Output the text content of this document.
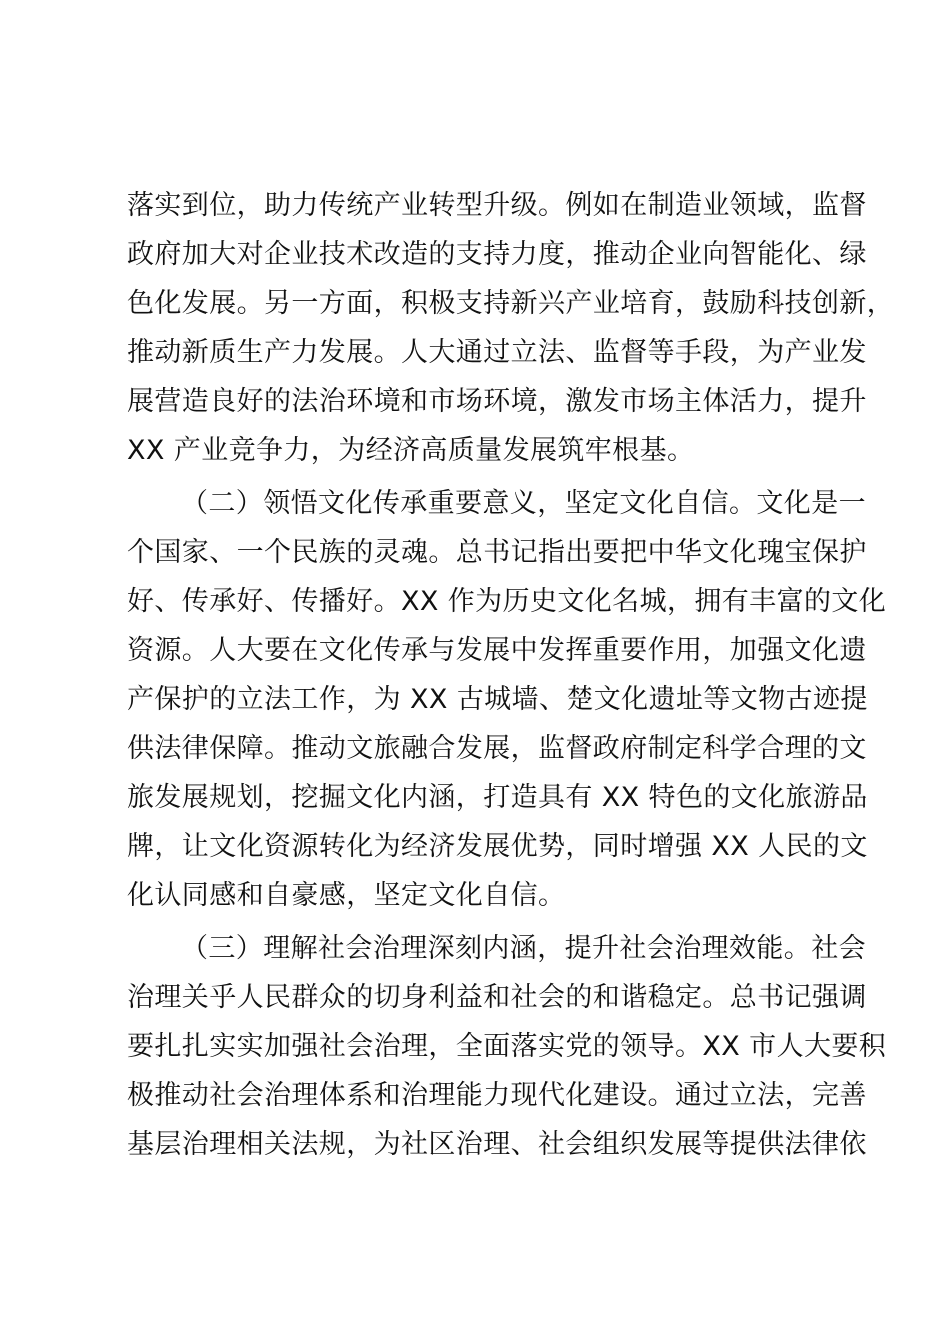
落实到位，助力传统产业转型升级。例如在制造业领域，监督
政府加大对企业技术改造的支持力度，推动企业向智能化、绿
色化发展。另一方面，积极支持新兴产业培育，鼓励科技创新，
推动新质生产力发展。人大通过立法、监督等手段，为产业发
展营造良好的法治环境和市场环境，激发市场主体活力，提升
XX 产业竞争力，为经济高质量发展筑牢根基。
（二）领悟文化传承重要意义，坚定文化自信。文化是一
个国家、一个民族的灵魂。总书记指出要把中华文化瑰宝保护
好、传承好、传播好。XX 作为历史文化名城，拥有丰富的文化
资源。人大要在文化传承与发展中发挥重要作用，加强文化遗
产保护的立法工作，为 XX 古城墙、楚文化遗址等文物古迹提
供法律保障。推动文旅融合发展，监督政府制定科学合理的文
旅发展规划，挖掘文化内涵，打造具有 XX 特色的文化旅游品
牌，让文化资源转化为经济发展优势，同时增强 XX 人民的文
化认同感和自豪感，坚定文化自信。
（三）理解社会治理深刻内涵，提升社会治理效能。社会
治理关乎人民群众的切身利益和社会的和谐稳定。总书记强调
要扎扎实实加强社会治理，全面落实党的领导。XX 市人大要积
极推动社会治理体系和治理能力现代化建设。通过立法，完善
基层治理相关法规，为社区治理、社会组织发展等提供法律依
